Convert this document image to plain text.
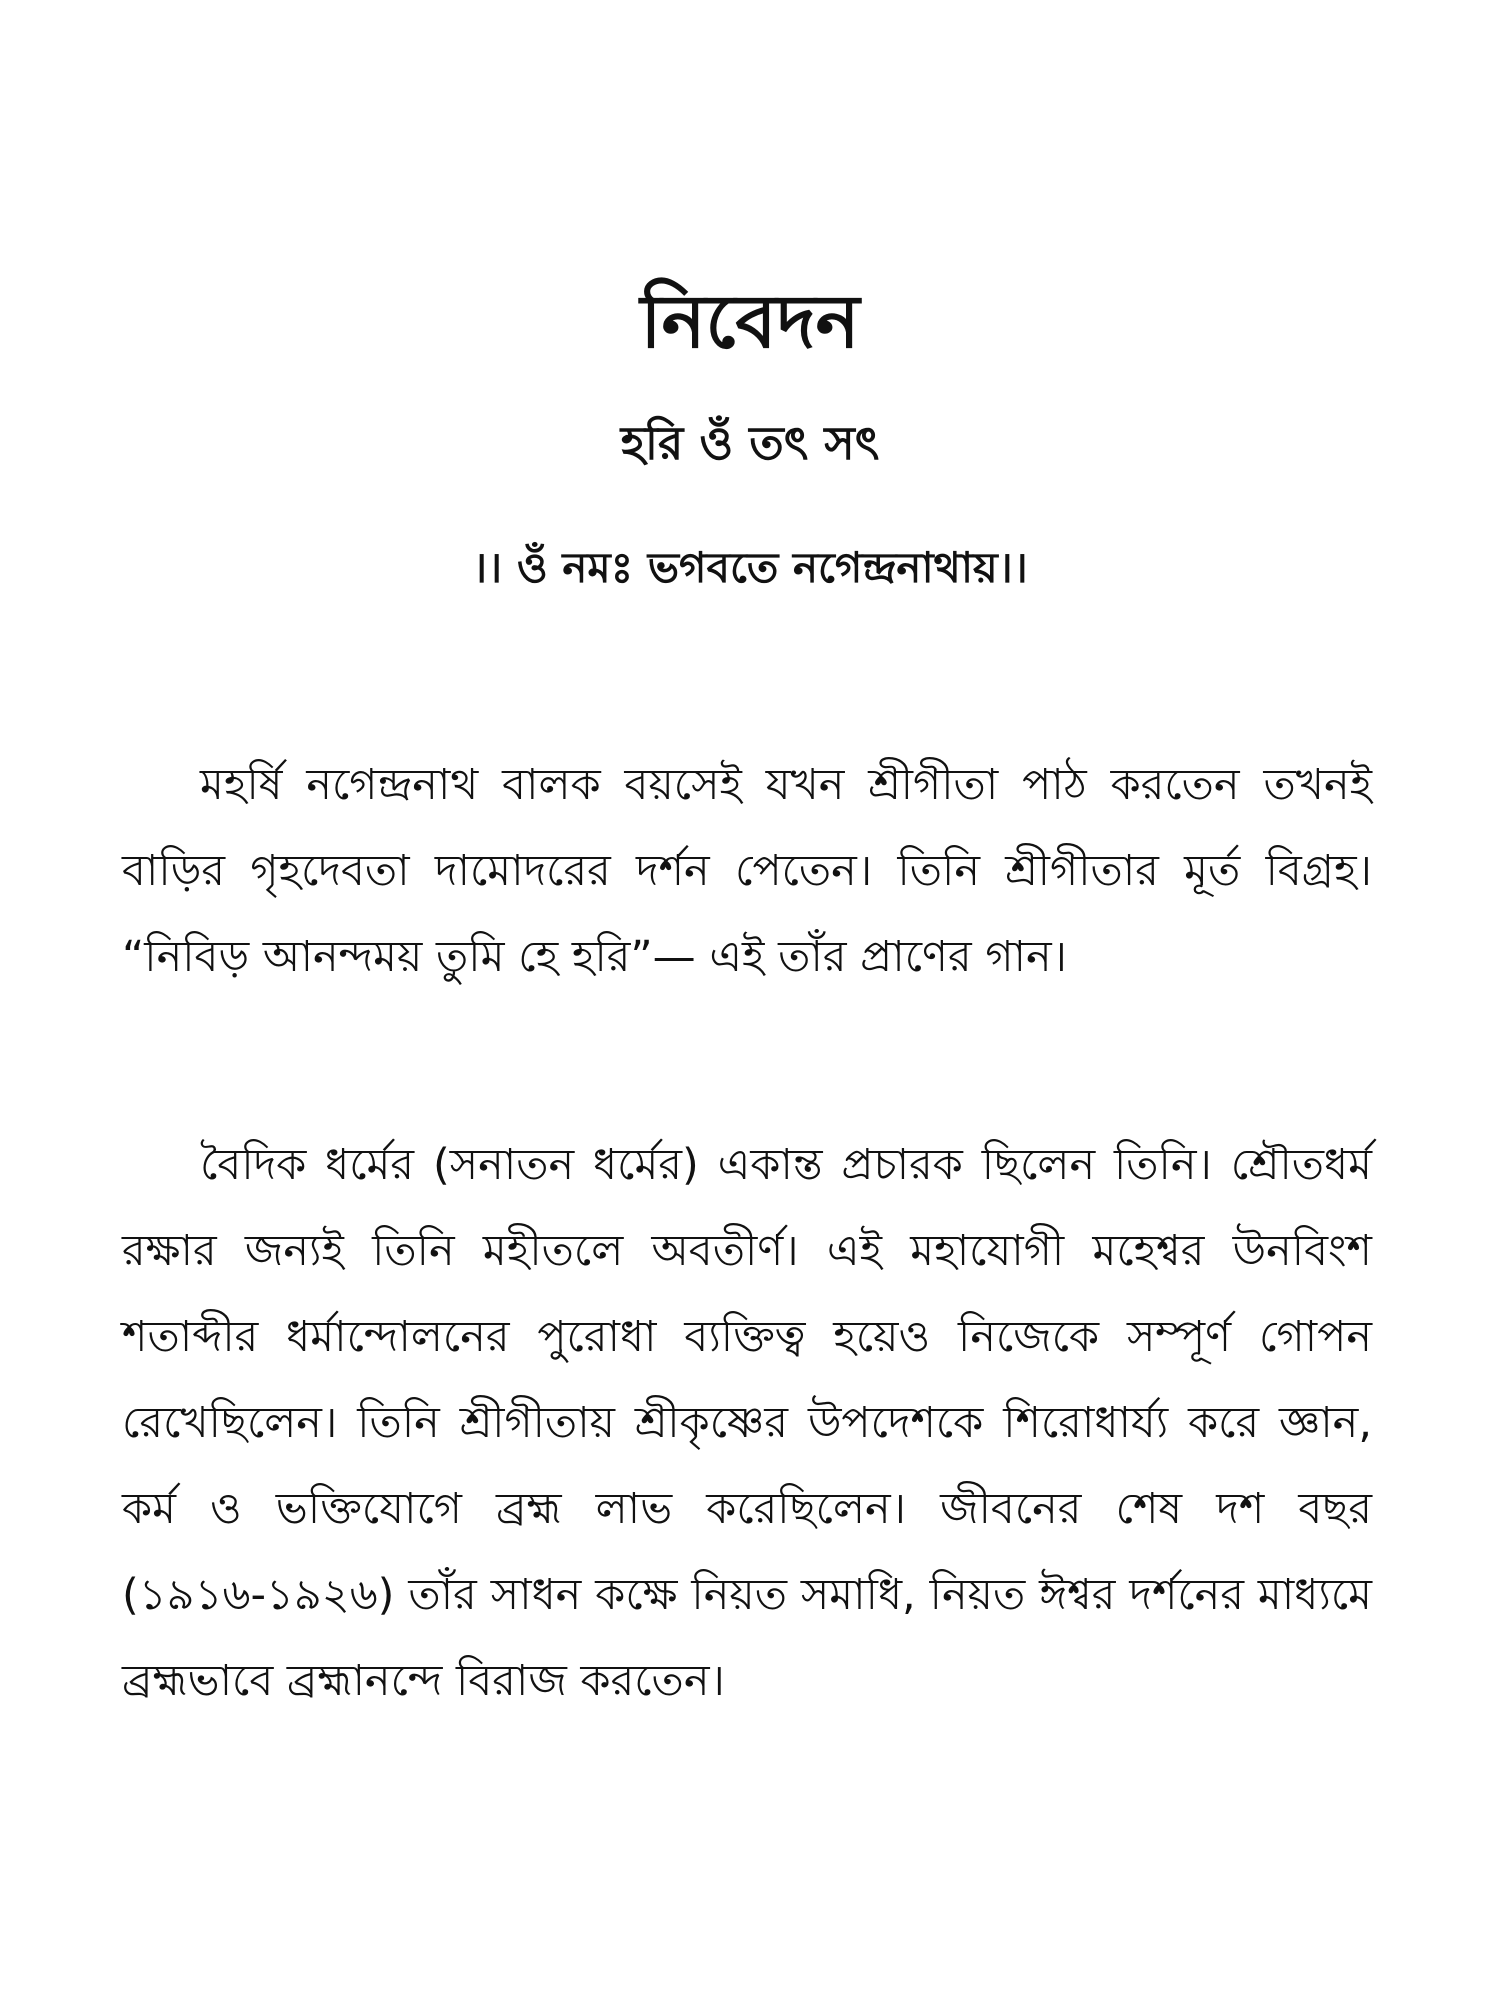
নিবেদন
হরি ওঁ তৎ সৎ
।। ওঁ নমঃ ভগবতে নগেন্দ্রনাথায়।।

মহর্ষি নগেন্দ্রনাথ বালক বয়সেই যখন শ্রীগীতা পাঠ করতেন তখনই বাড়ির গৃহদেবতা দামোদরের দর্শন পেতেন। তিনি শ্রীগীতার মূর্ত বিগ্রহ। “নিবিড় আনন্দময় তুমি হে হরি”— এই তাঁর প্রাণের গান।

বৈদিক ধর্মের (সনাতন ধর্মের) একান্ত প্রচারক ছিলেন তিনি। শ্রৌতধর্ম রক্ষার জন্যই তিনি মহীতলে অবতীর্ণ। এই মহাযোগী মহেশ্বর উনবিংশ শতাব্দীর ধর্মান্দোলনের পুরোধা ব্যক্তিত্ব হয়েও নিজেকে সম্পূর্ণ গোপন রেখেছিলেন। তিনি শ্রীগীতায় শ্রীকৃষ্ণের উপদেশকে শিরোধার্য্য করে জ্ঞান, কর্ম ও ভক্তিযোগে ব্রহ্ম লাভ করেছিলেন। জীবনের শেষ দশ বছর (১৯১৬-১৯২৬) তাঁর সাধন কক্ষে নিয়ত সমাধি, নিয়ত ঈশ্বর দর্শনের মাধ্যমে ব্রহ্মভাবে ব্রহ্মানন্দে বিরাজ করতেন।
